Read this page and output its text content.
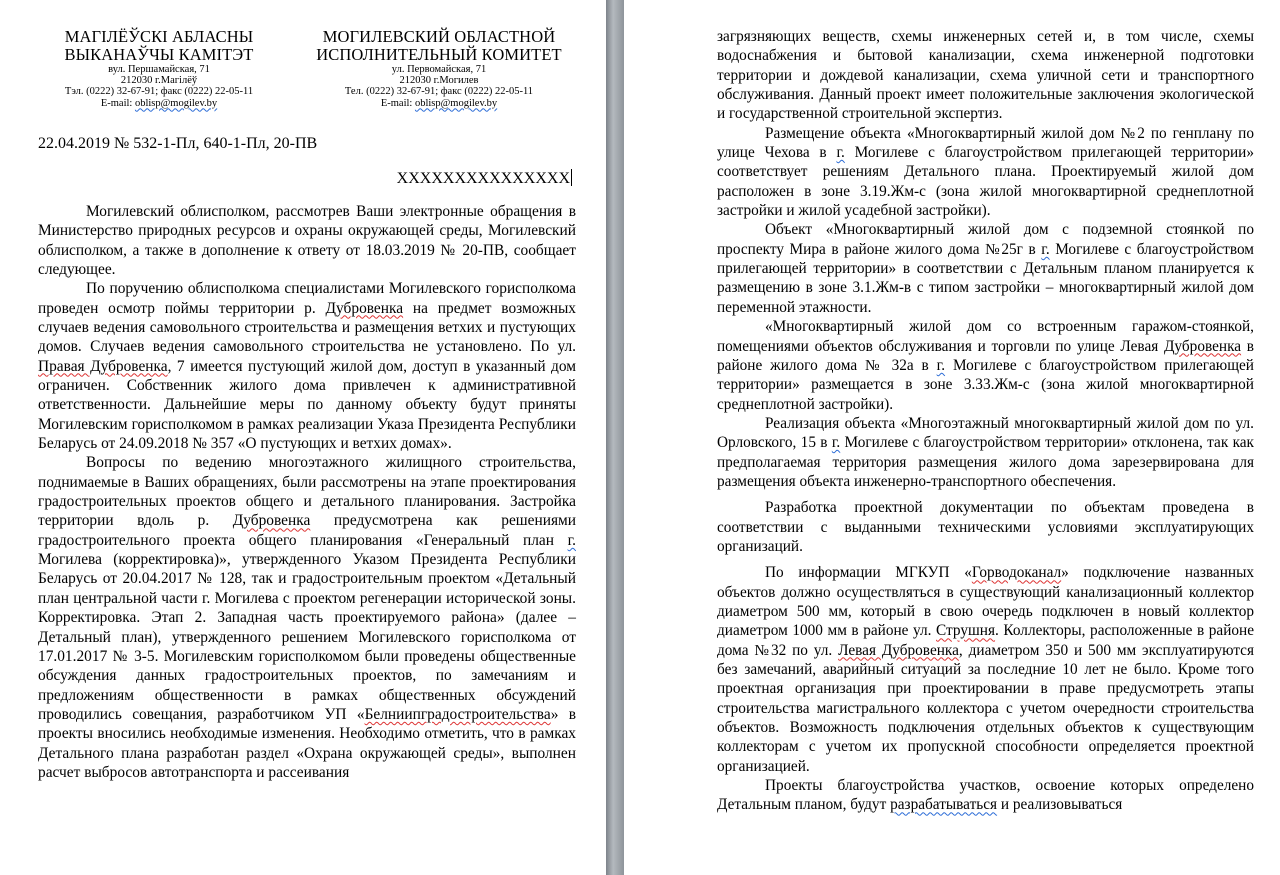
МАГІЛЁЎСКІ АБЛАСНЫ
ВЫКАНАЎЧЫ КАМІТЭТ
вул. Першамайская, 71
212030 г.Магілёў
Тэл. (0222) 32-67-91; факс (0222) 22-05-11
E-mail: oblisp@mogilev.by
МОГИЛЕВСКИЙ ОБЛАСТНОЙ
ИСПОЛНИТЕЛЬНЫЙ КОМИТЕТ
ул. Первомайская, 71
212030 г.Могилев
Тел. (0222) 32-67-91; факс (0222) 22-05-11
E-mail: oblisp@mogilev.by
22.04.2019 № 532-1-Пл, 640-1-Пл, 20-ПВ
ХХХХХХХХХХХХХХХ

Могилевский облисполком, рассмотрев Ваши электронные обращения в Министерство природных ресурсов и охраны окружающей среды, Могилевский облисполком, а также в дополнение к ответу от 18.03.2019 № 20-ПВ, сообщает следующее.

По поручению облисполкома специалистами Могилевского горисполкома проведен осмотр поймы территории р. Дубровенка на предмет возможных случаев ведения самовольного строительства и размещения ветхих и пустующих домов. Случаев ведения самовольного строительства не установлено. По ул. Правая Дубровенка, 7 имеется пустующий жилой дом, доступ в указанный дом ограничен. Собственник жилого дома привлечен к административной ответственности. Дальнейшие меры по данному объекту будут приняты Могилевским горисполкомом в рамках реализации Указа Президента Республики Беларусь от 24.09.2018 № 357 «О пустующих и ветхих домах».

Вопросы по ведению многоэтажного жилищного строительства, поднимаемые в Ваших обращениях, были рассмотрены на этапе проектирования градостроительных проектов общего и детального планирования. Застройка территории вдоль р. Дубровенка предусмотрена как решениями градостроительного проекта общего планирования «Генеральный план г. Могилева (корректировка)», утвержденного Указом Президента Республики Беларусь от 20.04.2017 № 128, так и градостроительным проектом «Детальный план центральной части г. Могилева с проектом регенерации исторической зоны. Корректировка. Этап 2. Западная часть проектируемого района» (далее – Детальный план), утвержденного решением Могилевского горисполкома от 17.01.2017 № 3-5. Могилевским горисполкомом были проведены общественные обсуждения данных градостроительных проектов, по замечаниям и предложениям общественности в рамках общественных обсуждений проводились совещания, разработчиком УП «Белниипградостроительства» в проекты вносились необходимые изменения. Необходимо отметить, что в рамках Детального плана разработан раздел «Охрана окружающей среды», выполнен расчет выбросов автотранспорта и рассеивания

загрязняющих веществ, схемы инженерных сетей и, в том числе, схемы водоснабжения и бытовой канализации, схема инженерной подготовки территории и дождевой канализации, схема уличной сети и транспортного обслуживания. Данный проект имеет положительные заключения экологической и государственной строительной экспертиз.

Размещение объекта «Многоквартирный жилой дом №2 по генплану по улице Чехова в г. Могилеве с благоустройством прилегающей территории» соответствует решениям Детального плана. Проектируемый жилой дом расположен в зоне 3.19.Жм-с (зона жилой многоквартирной среднеплотной застройки и жилой усадебной застройки).

Объект «Многоквартирный жилой дом с подземной стоянкой по проспекту Мира в районе жилого дома №25г в г. Могилеве с благоустройством прилегающей территории» в соответствии с Детальным планом планируется к размещению в зоне 3.1.Жм-в с типом застройки – многоквартирный жилой дом переменной этажности.

«Многоквартирный жилой дом со встроенным гаражом-стоянкой, помещениями объектов обслуживания и торговли по улице Левая Дубровенка в районе жилого дома № 32а в г. Могилеве с благоустройством прилегающей территории» размещается в зоне 3.33.Жм-с (зона жилой многоквартирной среднеплотной застройки).

Реализация объекта «Многоэтажный многоквартирный жилой дом по ул. Орловского, 15 в г. Могилеве с благоустройством территории» отклонена, так как предполагаемая территория размещения жилого дома зарезервирована для размещения объекта инженерно-транспортного обеспечения.

Разработка проектной документации по объектам проведена в соответствии с выданными техническими условиями эксплуатирующих организаций.

По информации МГКУП «Горводоканал» подключение названных объектов должно осуществляться в существующий канализационный коллектор диаметром 500 мм, который в свою очередь подключен в новый коллектор диаметром 1000 мм в районе ул. Струшня. Коллекторы, расположенные в районе дома №32 по ул. Левая Дубровенка, диаметром 350 и 500 мм эксплуатируются без замечаний, аварийный ситуаций за последние 10 лет не было. Кроме того проектная организация при проектировании в праве предусмотреть этапы строительства магистрального коллектора с учетом очередности строительства объектов. Возможность подключения отдельных объектов к существующим коллекторам с учетом их пропускной способности определяется проектной организацией.

Проекты благоустройства участков, освоение которых определено Детальным планом, будут разрабатываться и реализовываться
